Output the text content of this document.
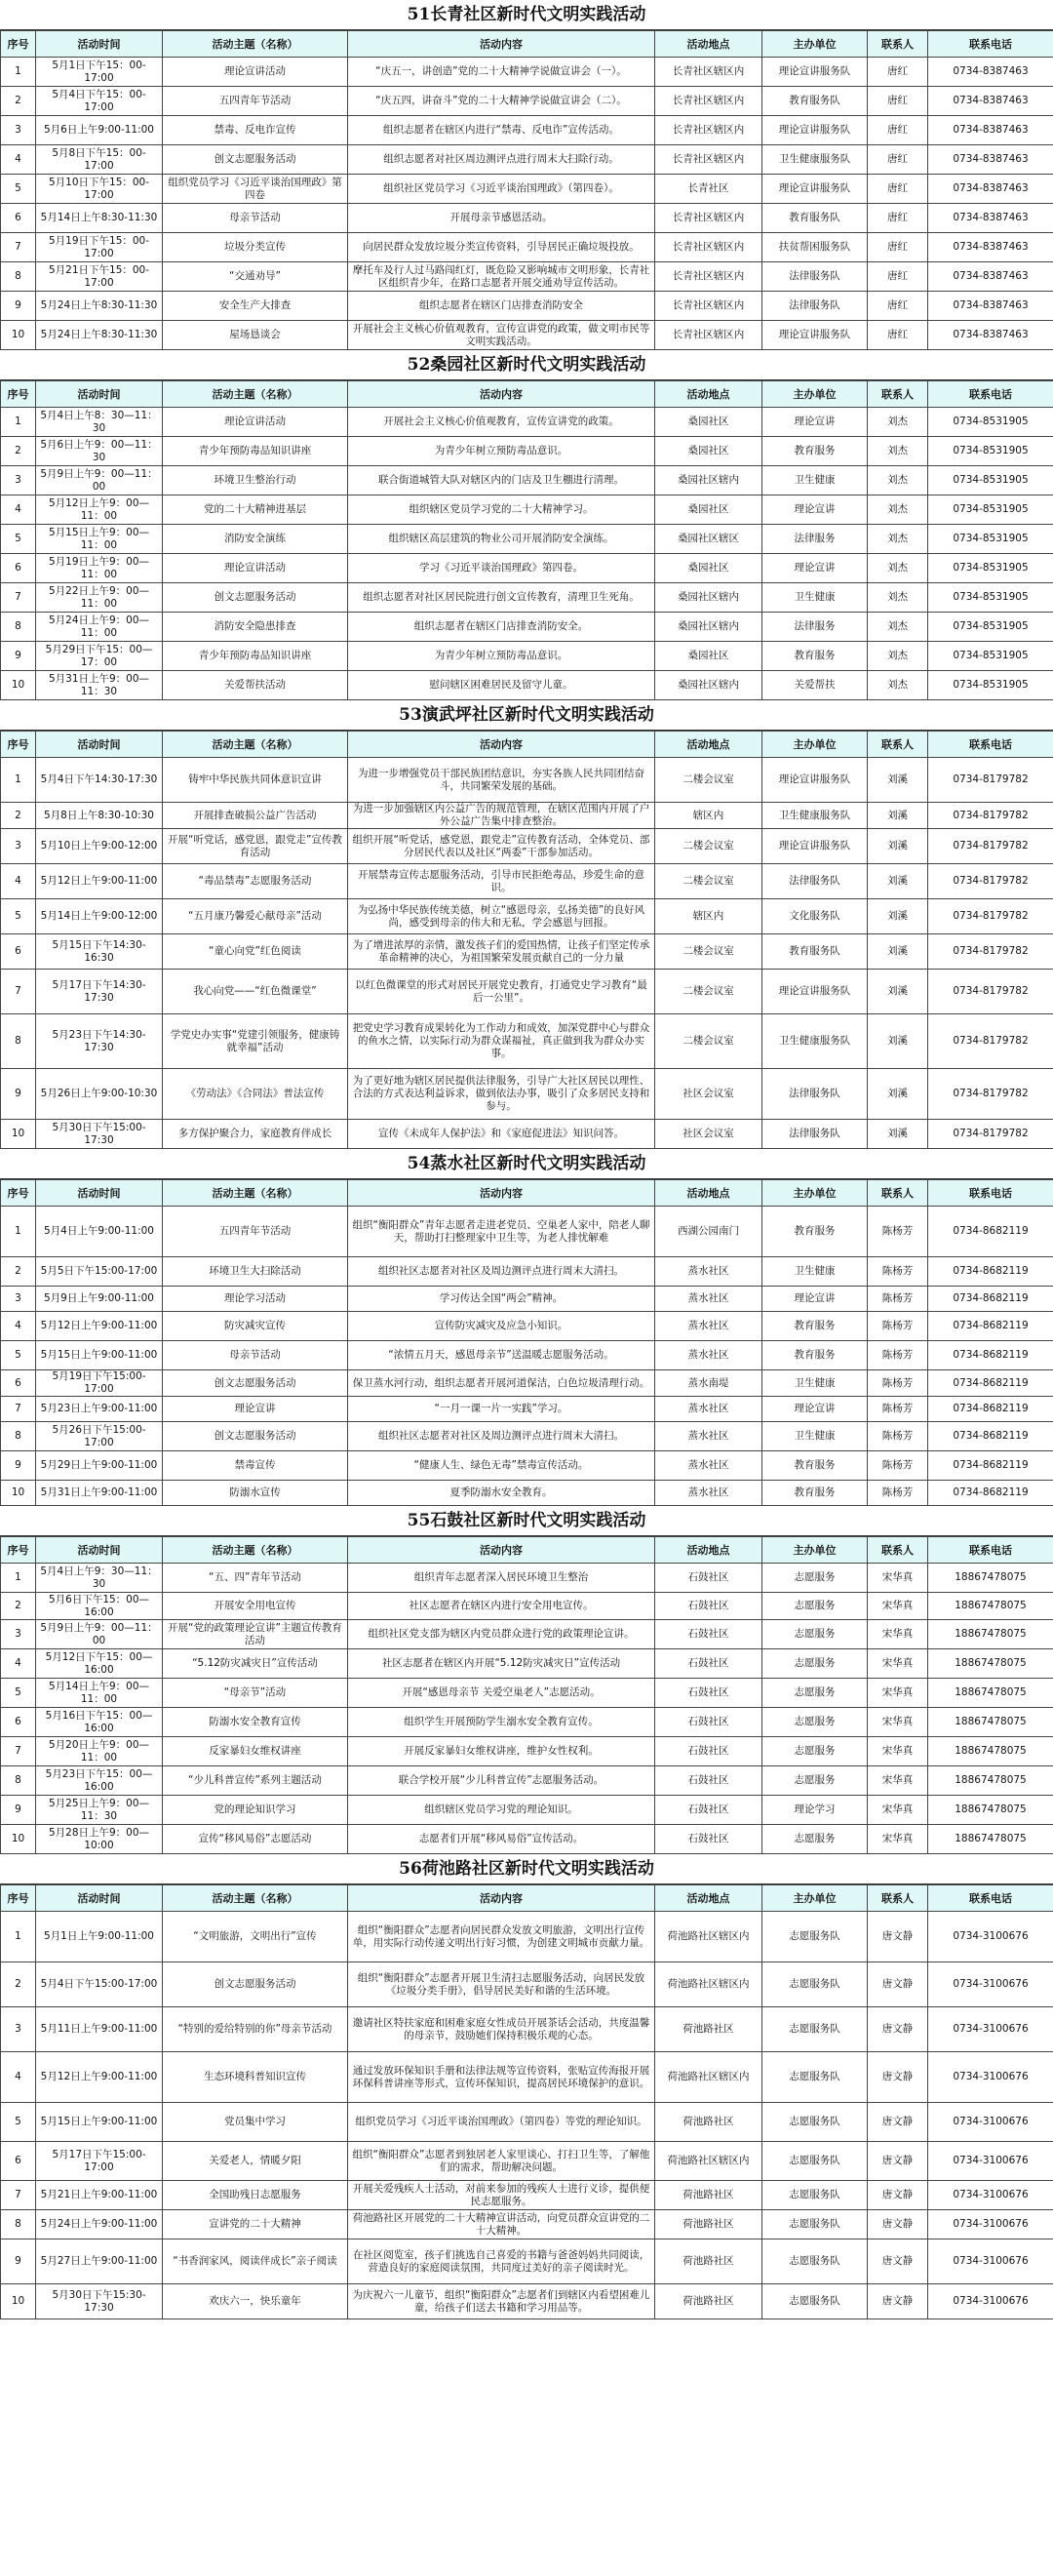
51长青社区新时代文明实践活动
序号	活动时间	活动主题（名称）	活动内容	活动地点	主办单位	联系人	联系电话
1	5月1日下午15：00-17:00	理论宣讲活动	“庆五一，讲创造”党的二十大精神学说做宣讲会（一）。	长青社区辖区内	理论宣讲服务队	唐红	0734-8387463
2	5月4日下午15：00-17:00	五四青年节活动	“庆五四，讲奋斗”党的二十大精神学说做宣讲会（二）。	长青社区辖区内	教育服务队	唐红	0734-8387463
3	5月6日上午9:00-11:00	禁毒、反电诈宣传	组织志愿者在辖区内进行“禁毒、反电诈”宣传活动。	长青社区辖区内	理论宣讲服务队	唐红	0734-8387463
4	5月8日下午15：00-17:00	创文志愿服务活动	组织志愿者对社区周边测评点进行周末大扫除行动。	长青社区辖区内	卫生健康服务队	唐红	0734-8387463
5	5月10日下午15：00-17:00	组织党员学习《习近平谈治国理政》第四卷	组织社区党员学习《习近平谈治国理政》（第四卷）。	长青社区	理论宣讲服务队	唐红	0734-8387463
6	5月14日上午8:30-11:30	母亲节活动	开展母亲节感恩活动。	长青社区辖区内	教育服务队	唐红	0734-8387463
7	5月19日下午15：00-17:00	垃圾分类宣传	向居民群众发放垃圾分类宣传资料，引导居民正确垃圾投放。	长青社区辖区内	扶贫帮困服务队	唐红	0734-8387463
8	5月21日下午15：00-17:00	“交通劝导”	摩托车及行人过马路闯红灯，既危险又影响城市文明形象，长青社区组织青少年，在路口志愿者开展交通劝导宣传活动。	长青社区辖区内	法律服务队	唐红	0734-8387463
9	5月24日上午8:30-11:30	安全生产大排查	组织志愿者在辖区门店排查消防安全	长青社区辖区内	法律服务队	唐红	0734-8387463
10	5月24日上午8:30-11:30	屋场恳谈会	开展社会主义核心价值观教育，宣传宣讲党的政策，做文明市民等文明实践活动。	长青社区辖区内	理论宣讲服务队	唐红	0734-8387463
52桑园社区新时代文明实践活动
序号	活动时间	活动主题（名称）	活动内容	活动地点	主办单位	联系人	联系电话
1	5月4日上午8：30—11：30	理论宣讲活动	开展社会主义核心价值观教育，宣传宣讲党的政策。	桑园社区	理论宣讲	刘杰	0734-8531905
2	5月6日上午9：00—11：30	青少年预防毒品知识讲座	为青少年树立预防毒品意识。	桑园社区	教育服务	刘杰	0734-8531905
3	5月9日上午9：00—11：00	环境卫生整治行动	联合街道城管大队对辖区内的门店及卫生棚进行清理。	桑园社区辖内	卫生健康	刘杰	0734-8531905
4	5月12日上午9：00—11：00	党的二十大精神进基层	组织辖区党员学习党的二十大精神学习。	桑园社区	理论宣讲	刘杰	0734-8531905
5	5月15日上午9：00—11：00	消防安全演练	组织辖区高层建筑的物业公司开展消防安全演练。	桑园社区辖区	法律服务	刘杰	0734-8531905
6	5月19日上午9：00—11：00	理论宣讲活动	学习《习近平谈治国理政》第四卷。	桑园社区	理论宣讲	刘杰	0734-8531905
7	5月22日上午9：00—11：00	创文志愿服务活动	组织志愿者对社区居民院进行创文宣传教育，清理卫生死角。	桑园社区辖内	卫生健康	刘杰	0734-8531905
8	5月24日上午9：00—11：00	消防安全隐患排查	组织志愿者在辖区门店排查消防安全。	桑园社区辖内	法律服务	刘杰	0734-8531905
9	5月29日下午15：00—17：00	青少年预防毒品知识讲座	为青少年树立预防毒品意识。	桑园社区	教育服务	刘杰	0734-8531905
10	5月31日上午9：00—11：30	关爱帮扶活动	慰问辖区困难居民及留守儿童。	桑园社区辖内	关爱帮扶	刘杰	0734-8531905
53演武坪社区新时代文明实践活动
序号	活动时间	活动主题（名称）	活动内容	活动地点	主办单位	联系人	联系电话
1	5月4日下午14:30-17:30	铸牢中华民族共同体意识宣讲	为进一步增强党员干部民族团结意识，夯实各族人民共同团结奋斗，共同繁荣发展的基础。	二楼会议室	理论宣讲服务队	刘溪	0734-8179782
2	5月8日上午8:30-10:30	开展排查破损公益广告活动	为进一步加强辖区内公益广告的规范管理，在辖区范围内开展了户外公益广告集中排查整治。	辖区内	卫生健康服务队	刘溪	0734-8179782
3	5月10日上午9:00-12:00	开展“听党话，感党恩，跟党走”宣传教育活动	组织开展“听党话，感党恩，跟党走”宣传教育活动，全体党员、部分居民代表以及社区“两委”干部参加活动。	二楼会议室	理论宣讲服务队	刘溪	0734-8179782
4	5月12日上午9:00-11:00	“毒品禁毒”志愿服务活动	开展禁毒宣传志愿服务活动，引导市民拒绝毒品，珍爱生命的意识。	二楼会议室	法律服务队	刘溪	0734-8179782
5	5月14日上午9:00-12:00	“五月康乃馨爱心献母亲”活动	为弘扬中华民族传统美德，树立“感恩母亲，弘扬美德”的良好风尚，感受到母亲的伟大和无私，学会感恩与回报。	辖区内	文化服务队	刘溪	0734-8179782
6	5月15日下午14:30-16:30	“童心向党”红色阅读	为了增进浓厚的亲情，激发孩子们的爱国热情，让孩子们坚定传承革命精神的决心，为祖国繁荣发展贡献自己的一分力量	二楼会议室	教育服务队	刘溪	0734-8179782
7	5月17日下午14:30-17:30	我心向党——“红色微课堂”	以红色微课堂的形式对居民开展党史教育，打通党史学习教育“最后一公里”。	二楼会议室	理论宣讲服务队	刘溪	0734-8179782
8	5月23日下午14:30-17:30	学党史办实事“党建引领服务，健康铸就幸福”活动	把党史学习教育成果转化为工作动力和成效，加深党群中心与群众的鱼水之情，以实际行动为群众谋福祉，真正做到我为群众办实事。	二楼会议室	卫生健康服务队	刘溪	0734-8179782
9	5月26日上午9:00-10:30	《劳动法》《合同法》普法宣传	为了更好地为辖区居民提供法律服务，引导广大社区居民以理性、合法的方式表达利益诉求，做到依法办事，吸引了众多居民支持和参与。	社区会议室	法律服务队	刘溪	0734-8179782
10	5月30日下午15:00-17:30	多方保护聚合力，家庭教育伴成长	宣传《未成年人保护法》和《家庭促进法》知识问答。	社区会议室	法律服务队	刘溪	0734-8179782
54蒸水社区新时代文明实践活动
序号	活动时间	活动主题（名称）	活动内容	活动地点	主办单位	联系人	联系电话
1	5月4日上午9:00-11:00	五四青年节活动	组织“衡阳群众”青年志愿者走进老党员、空巢老人家中，陪老人聊天，帮助打扫整理家中卫生等，为老人排忧解难	西湖公园南门	教育服务	陈杨芳	0734-8682119
2	5月5日下午15:00-17:00	环境卫生大扫除活动	组织社区志愿者对社区及周边测评点进行周末大清扫。	蒸水社区	卫生健康	陈杨芳	0734-8682119
3	5月9日上午9:00-11:00	理论学习活动	学习传达全国“两会”精神。	蒸水社区	理论宣讲	陈杨芳	0734-8682119
4	5月12日上午9:00-11:00	防灾减灾宣传	宣传防灾减灾及应急小知识。	蒸水社区	教育服务	陈杨芳	0734-8682119
5	5月15日上午9:00-11:00	母亲节活动	“浓情五月天，感恩母亲节”送温暖志愿服务活动。	蒸水社区	教育服务	陈杨芳	0734-8682119
6	5月19日下午15:00-17:00	创文志愿服务活动	保卫蒸水河行动，组织志愿者开展河道保洁，白色垃圾清理行动。	蒸水南堤	卫生健康	陈杨芳	0734-8682119
7	5月23日上午9:00-11:00	理论宣讲	“一月一课一片一实践”学习。	蒸水社区	理论宣讲	陈杨芳	0734-8682119
8	5月26日下午15:00-17:00	创文志愿服务活动	组织社区志愿者对社区及周边测评点进行周末大清扫。	蒸水社区	卫生健康	陈杨芳	0734-8682119
9	5月29日上午9:00-11:00	禁毒宣传	“健康人生、绿色无毒”禁毒宣传活动。	蒸水社区	教育服务	陈杨芳	0734-8682119
10	5月31日上午9:00-11:00	防溺水宣传	夏季防溺水安全教育。	蒸水社区	教育服务	陈杨芳	0734-8682119
55石鼓社区新时代文明实践活动
序号	活动时间	活动主题（名称）	活动内容	活动地点	主办单位	联系人	联系电话
1	5月4日上午9：30—11：30	“五、四”青年节活动	组织青年志愿者深入居民环境卫生整治	石鼓社区	志愿服务	宋华真	18867478075
2	5月6日下午15：00—16:00	开展安全用电宣传	社区志愿者在辖区内进行安全用电宣传。	石鼓社区	志愿服务	宋华真	18867478075
3	5月9日上午9：00—11：00	开展“党的政策理论宣讲”主题宣传教育活动	组织社区党支部为辖区内党员群众进行党的政策理论宣讲。	石鼓社区	志愿服务	宋华真	18867478075
4	5月12日下午15：00—16:00	“5.12防灾减灾日”宣传活动	社区志愿者在辖区内开展“5.12防灾减灾日”宣传活动	石鼓社区	志愿服务	宋华真	18867478075
5	5月14日上午9：00—11：00	“母亲节”活动	开展“感恩母亲节 关爱空巢老人”志愿活动。	石鼓社区	志愿服务	宋华真	18867478075
6	5月16日下午15：00—16:00	防溺水安全教育宣传	组织学生开展预防学生溺水安全教育宣传。	石鼓社区	志愿服务	宋华真	18867478075
7	5月20日上午9：00—11：00	反家暴妇女维权讲座	开展反家暴妇女维权讲座，维护女性权利。	石鼓社区	志愿服务	宋华真	18867478075
8	5月23日下午15：00—16:00	“少儿科普宣传”系列主题活动	联合学校开展“少儿科普宣传”志愿服务活动。	石鼓社区	志愿服务	宋华真	18867478075
9	5月25日上午9：00—11：30	党的理论知识学习	组织辖区党员学习党的理论知识。	石鼓社区	理论学习	宋华真	18867478075
10	5月28日上午9：00—10:00	宣传“移风易俗”志愿活动	志愿者们开展“移风易俗”宣传活动。	石鼓社区	志愿服务	宋华真	18867478075
56荷池路社区新时代文明实践活动
序号	活动时间	活动主题（名称）	活动内容	活动地点	主办单位	联系人	联系电话
1	5月1日上午9:00-11:00	“文明旅游，文明出行”宣传	组织“衡阳群众”志愿者向居民群众发放文明旅游，文明出行宣传单，用实际行动传递文明出行好习惯，为创建文明城市贡献力量。	荷池路社区辖区内	志愿服务队	唐文静	0734-3100676
2	5月4日下午15:00-17:00	创文志愿服务活动	组织“衡阳群众”志愿者开展卫生清扫志愿服务活动，向居民发放《垃圾分类手册》，倡导居民美好和谐的生活环境。	荷池路社区辖区内	志愿服务队	唐文静	0734-3100676
3	5月11日上午9:00-11:00	“特别的爱给特别的你”母亲节活动	邀请社区特扶家庭和困难家庭女性成员开展茶话会活动，共度温馨的母亲节，鼓励她们保持积极乐观的心态。	荷池路社区	志愿服务队	唐文静	0734-3100676
4	5月12日上午9:00-11:00	生态环境科普知识宣传	通过发放环保知识手册和法律法规等宣传资料，张贴宣传海报开展环保科普讲座等形式，宣传环保知识，提高居民环境保护的意识。	荷池路社区辖区内	志愿服务队	唐文静	0734-3100676
5	5月15日上午9:00-11:00	党员集中学习	组织党员学习《习近平谈治国理政》（第四卷）等党的理论知识。	荷池路社区	志愿服务队	唐文静	0734-3100676
6	5月17日下午15:00-17:00	关爱老人，情暖夕阳	组织“衡阳群众”志愿者到独居老人家里谈心、打扫卫生等，了解他们的需求，帮助解决问题。	荷池路社区辖区内	志愿服务队	唐文静	0734-3100676
7	5月21日上午9:00-11:00	全国助残日志愿服务	开展关爱残疾人士活动，对前来参加的残疾人士进行义诊，提供便民志愿服务。	荷池路社区	志愿服务队	唐文静	0734-3100676
8	5月24日上午9:00-11:00	宣讲党的二十大精神	荷池路社区开展党的二十大精神宣讲活动，向党员群众宣讲党的二十大精神。	荷池路社区	志愿服务队	唐文静	0734-3100676
9	5月27日上午9:00-11:00	“书香润家风，阅读伴成长”亲子阅读	在社区阅览室，孩子们挑选自己喜爱的书籍与爸爸妈妈共同阅读，营造良好的家庭阅读氛围，共同度过美好的亲子阅读时光。	荷池路社区	志愿服务队	唐文静	0734-3100676
10	5月30日下午15:30-17:30	欢庆六一，快乐童年	为庆祝六一儿童节，组织“衡阳群众”志愿者们到辖区内看望困难儿童，给孩子们送去书籍和学习用品等。	荷池路社区	志愿服务队	唐文静	0734-3100676
